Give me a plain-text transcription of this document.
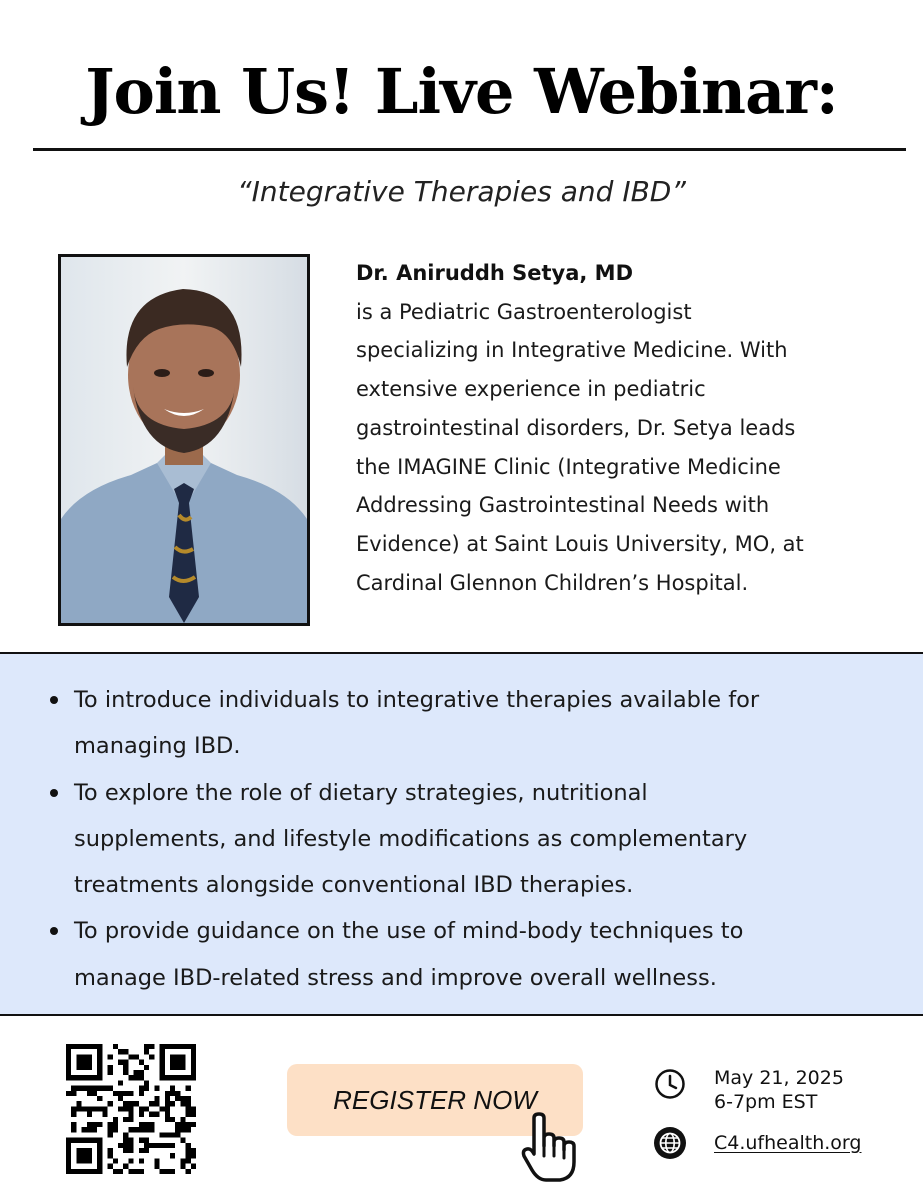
Join Us! Live Webinar:
“Integrative Therapies and IBD”
Dr. Aniruddh Setya, MD
is a Pediatric Gastroenterologist
specializing in Integrative Medicine. With
extensive experience in pediatric
gastrointestinal disorders, Dr. Setya leads
the IMAGINE Clinic (Integrative Medicine
Addressing Gastrointestinal Needs with
Evidence) at Saint Louis University, MO, at
Cardinal Glennon Children’s Hospital.
To introduce individuals to integrative therapies available for
managing IBD.
To explore the role of dietary strategies, nutritional
supplements, and lifestyle modifications as complementary
treatments alongside conventional IBD therapies.
To provide guidance on the use of mind-body techniques to
manage IBD-related stress and improve overall wellness.
REGISTER NOW
May 21, 2025
6-7pm EST
C4.ufhealth.org
